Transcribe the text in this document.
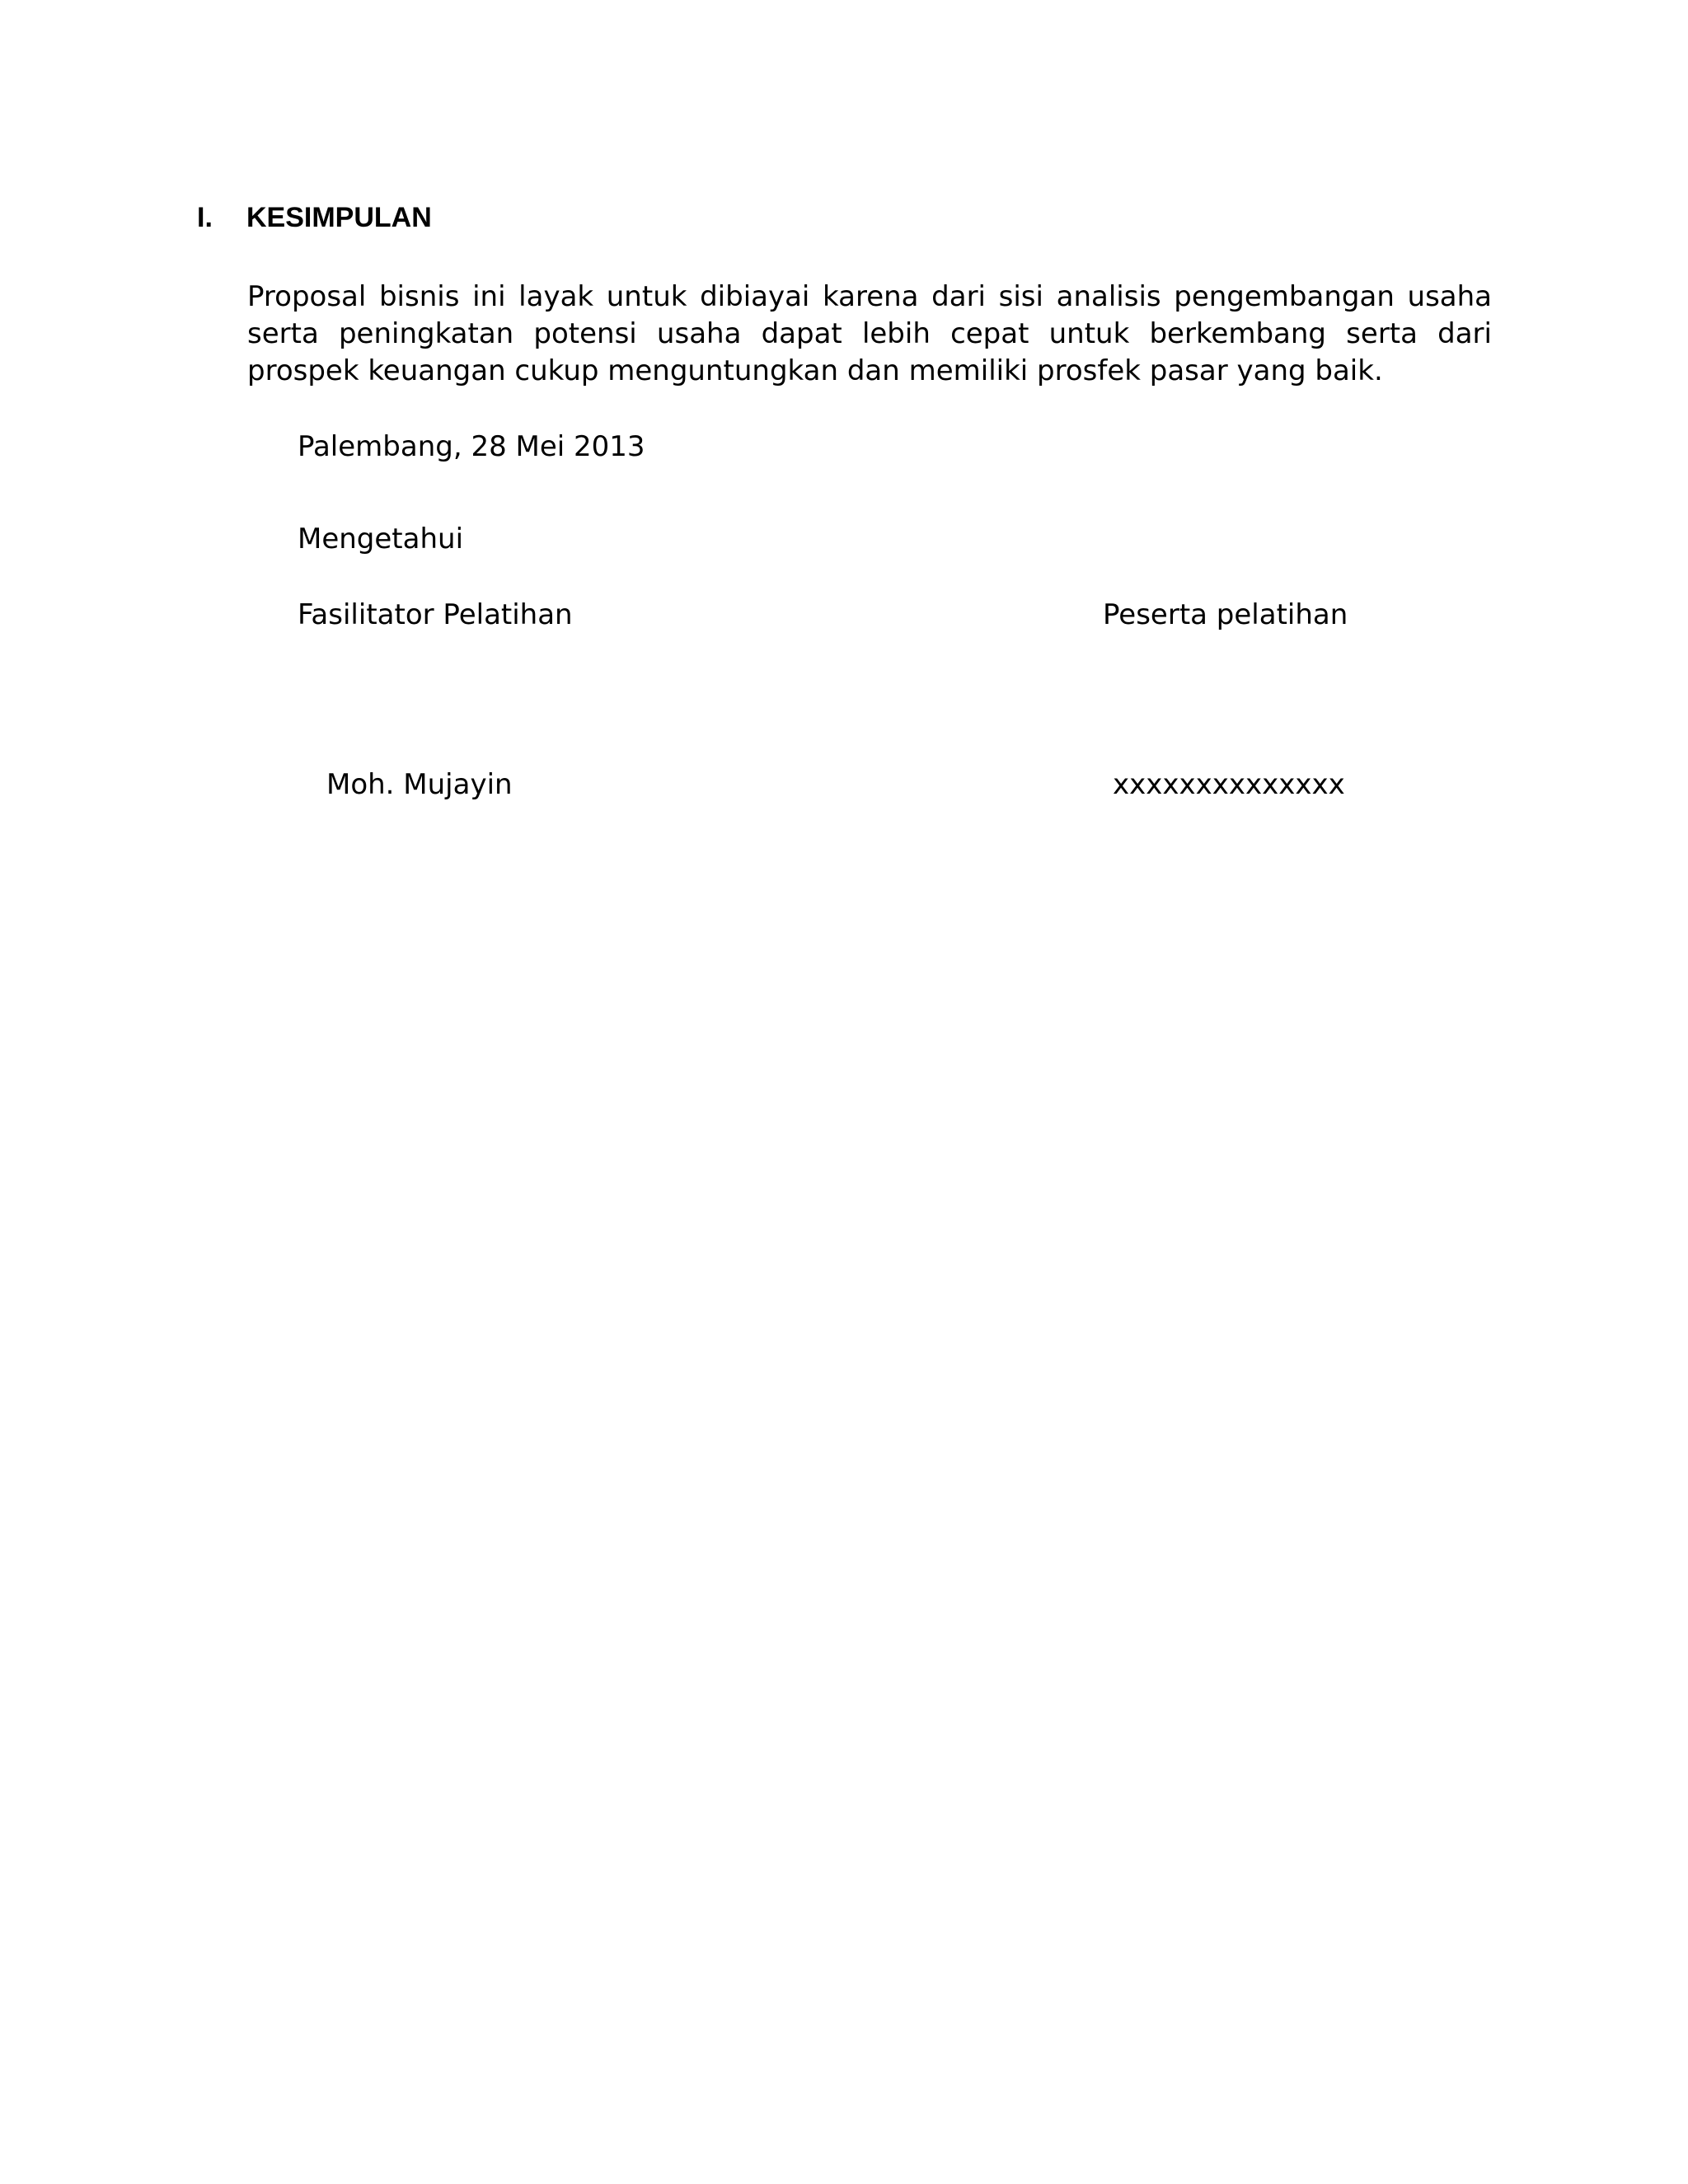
I. KESIMPULAN

Proposal bisnis ini layak untuk dibiayai karena dari sisi analisis pengembangan usaha serta peningkatan potensi usaha dapat lebih cepat untuk berkembang serta dari prospek keuangan cukup menguntungkan dan memiliki prosfek pasar yang baik.

Palembang, 28 Mei 2013

Mengetahui

Fasilitator Pelatihan	Peserta pelatihan

Moh. Mujayin	xxxxxxxxxxxxxx
